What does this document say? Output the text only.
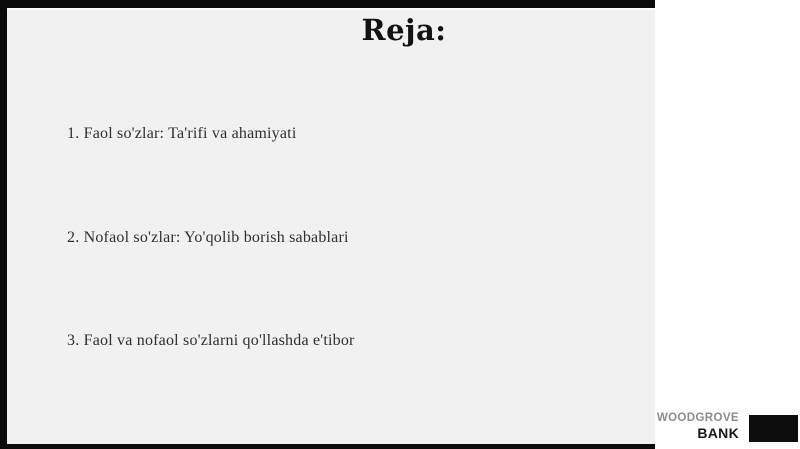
Reja:
1. Faol so'zlar: Ta'rifi va ahamiyati
2. Nofaol so'zlar: Yo'qolib borish sabablari
3. Faol va nofaol so'zlarni qo'llashda e'tibor
WOODGROVE
BANK
